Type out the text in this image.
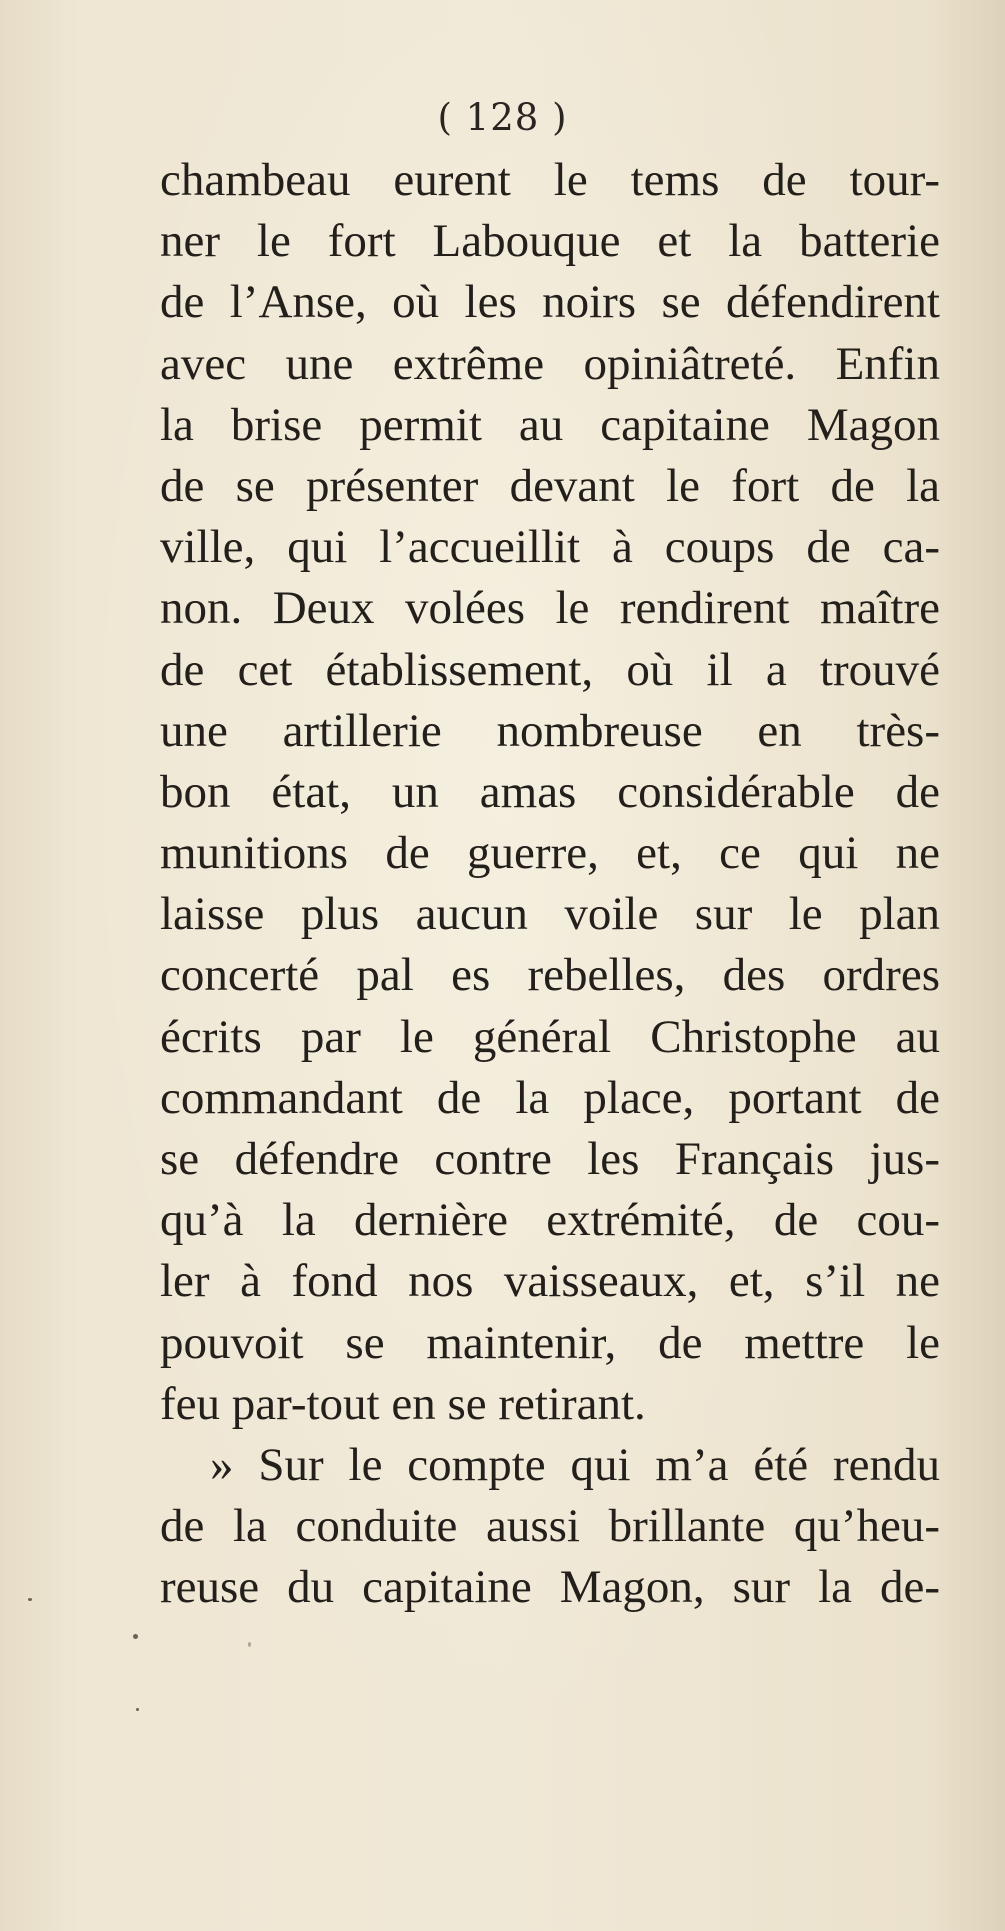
( 128 )
chambeau eurent le tems de tour-
ner le fort Labouque et la batterie
de l’Anse, où les noirs se défendirent
avec une extrême opiniâtreté. Enfin
la brise permit au capitaine Magon
de se présenter devant le fort de la
ville, qui l’accueillit à coups de ca-
non. Deux volées le rendirent maître
de cet établissement, où il a trouvé
une artillerie nombreuse en très-
bon état, un amas considérable de
munitions de guerre, et, ce qui ne
laisse plus aucun voile sur le plan
concerté pal es rebelles, des ordres
écrits par le général Christophe au
commandant de la place, portant de
se défendre contre les Français jus-
qu’à la dernière extrémité, de cou-
ler à fond nos vaisseaux, et, s’il ne
pouvoit se maintenir, de mettre le
feu par-tout en se retirant.
» Sur le compte qui m’a été rendu
de la conduite aussi brillante qu’heu-
reuse du capitaine Magon, sur la de-
